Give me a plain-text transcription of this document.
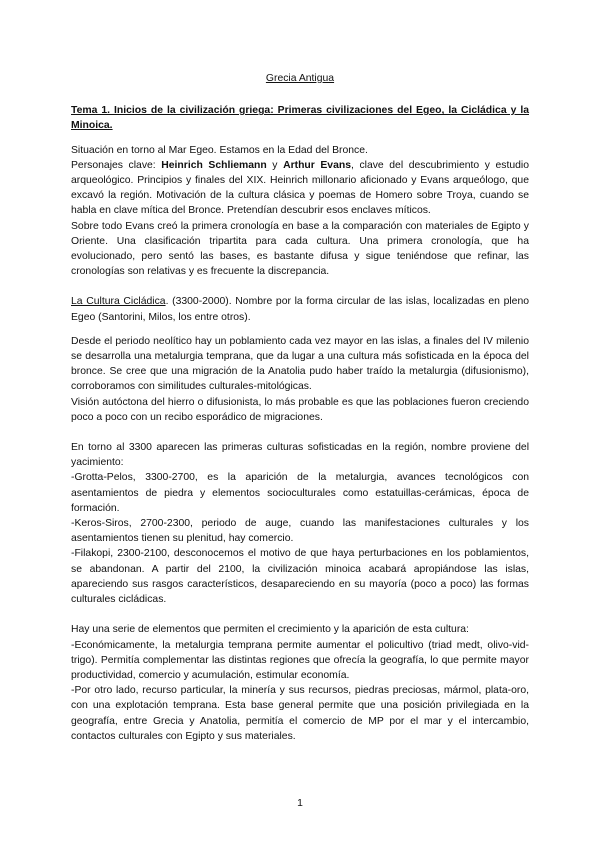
Grecia Antigua

Tema 1. Inicios de la civilización griega: Primeras civilizaciones del Egeo, la Cicládica y la Minoica.

Situación en torno al Mar Egeo. Estamos en la Edad del Bronce.

Personajes clave: Heinrich Schliemann y Arthur Evans, clave del descubrimiento y estudio arqueológico. Principios y finales del XIX. Heinrich millonario aficionado y Evans arqueólogo, que excavó la región. Motivación de la cultura clásica y poemas de Homero sobre Troya, cuando se habla en clave mítica del Bronce. Pretendían descubrir esos enclaves míticos.

Sobre todo Evans creó la primera cronología en base a la comparación con materiales de Egipto y Oriente. Una clasificación tripartita para cada cultura. Una primera cronología, que ha evolucionado, pero sentó las bases, es bastante difusa y sigue teniéndose que refinar, las cronologías son relativas y es frecuente la discrepancia.

La Cultura Cicládica. (3300-2000). Nombre por la forma circular de las islas, localizadas en pleno Egeo (Santorini, Milos, los entre otros).

Desde el periodo neolítico hay un poblamiento cada vez mayor en las islas, a finales del IV milenio se desarrolla una metalurgia temprana, que da lugar a una cultura más sofisticada en la época del bronce. Se cree que una migración de la Anatolia pudo haber traído la metalurgia (difusionismo), corroboramos con similitudes culturales-mitológicas.

Visión autóctona del hierro o difusionista, lo más probable es que las poblaciones fueron creciendo poco a poco con un recibo esporádico de migraciones.

En torno al 3300 aparecen las primeras culturas sofisticadas en la región, nombre proviene del yacimiento:

-Grotta-Pelos, 3300-2700, es la aparición de la metalurgia, avances tecnológicos con asentamientos de piedra y elementos socioculturales como estatuillas-cerámicas, época de formación.

-Keros-Siros, 2700-2300, periodo de auge, cuando las manifestaciones culturales y los asentamientos tienen su plenitud, hay comercio.

-Filakopi, 2300-2100, desconocemos el motivo de que haya perturbaciones en los poblamientos, se abandonan. A partir del 2100, la civilización minoica acabará apropiándose las islas, apareciendo sus rasgos característicos, desapareciendo en su mayoría (poco a poco) las formas culturales cicládicas.

Hay una serie de elementos que permiten el crecimiento y la aparición de esta cultura:

-Económicamente, la metalurgia temprana permite aumentar el policultivo (triad medt, olivo-vid-trigo). Permitía complementar las distintas regiones que ofrecía la geografía, lo que permite mayor productividad, comercio y acumulación, estimular economía.

-Por otro lado, recurso particular, la minería y sus recursos, piedras preciosas, mármol, plata-oro, con una explotación temprana. Esta base general permite que una posición privilegiada en la geografía, entre Grecia y Anatolia, permitía el comercio de MP por el mar y el intercambio, contactos culturales con Egipto y sus materiales.

1
